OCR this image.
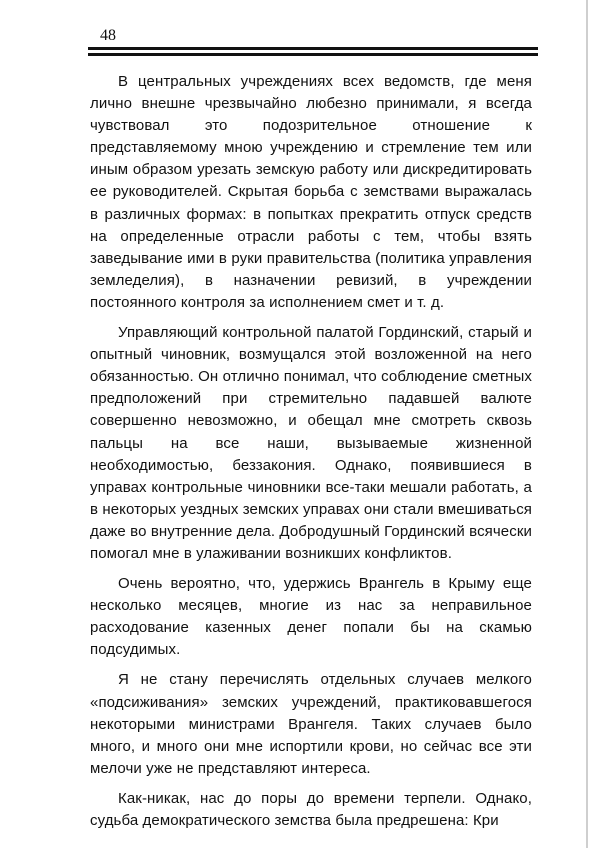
48

В центральных учреждениях всех ведомств, где меня лично внешне чрезвычайно любезно принимали, я всегда чувствовал это подозрительное отношение к представляемому мною учреждению и стремление тем или иным образом урезать земскую работу или дискредитировать ее руководителей. Скрытая борьба с земствами выражалась в различных формах: в попытках прекратить отпуск средств на определенные отрасли работы с тем, чтобы взять заведывание ими в руки правительства (политика управления земледелия), в назначении ревизий, в учреждении постоянного контроля за исполнением смет и т. д.

Управляющий контрольной палатой Гординский, старый и опытный чиновник, возмущался этой возложенной на него обязанностью. Он отлично понимал, что соблюдение сметных предположений при стремительно падавшей валюте совершенно невозможно, и обещал мне смотреть сквозь пальцы на все наши, вызываемые жизненной необходимостью, беззакония. Однако, появившиеся в управах контрольные чиновники все-таки мешали работать, а в некоторых уездных земских управах они стали вмешиваться даже во внутренние дела. Добродушный Гординский всячески помогал мне в улаживании возникших конфликтов.

Очень вероятно, что, удержись Врангель в Крыму еще несколько месяцев, многие из нас за неправильное расходование казенных денег попали бы на скамью подсудимых.

Я не стану перечислять отдельных случаев мелкого «подсиживания» земских учреждений, практиковавшегося некоторыми министрами Врангеля. Таких случаев было много, и много они мне испортили крови, но сейчас все эти мелочи уже не представляют интереса.

Как-никак, нас до поры до времени терпели. Однако, судьба демократического земства была предрешена: Кри
